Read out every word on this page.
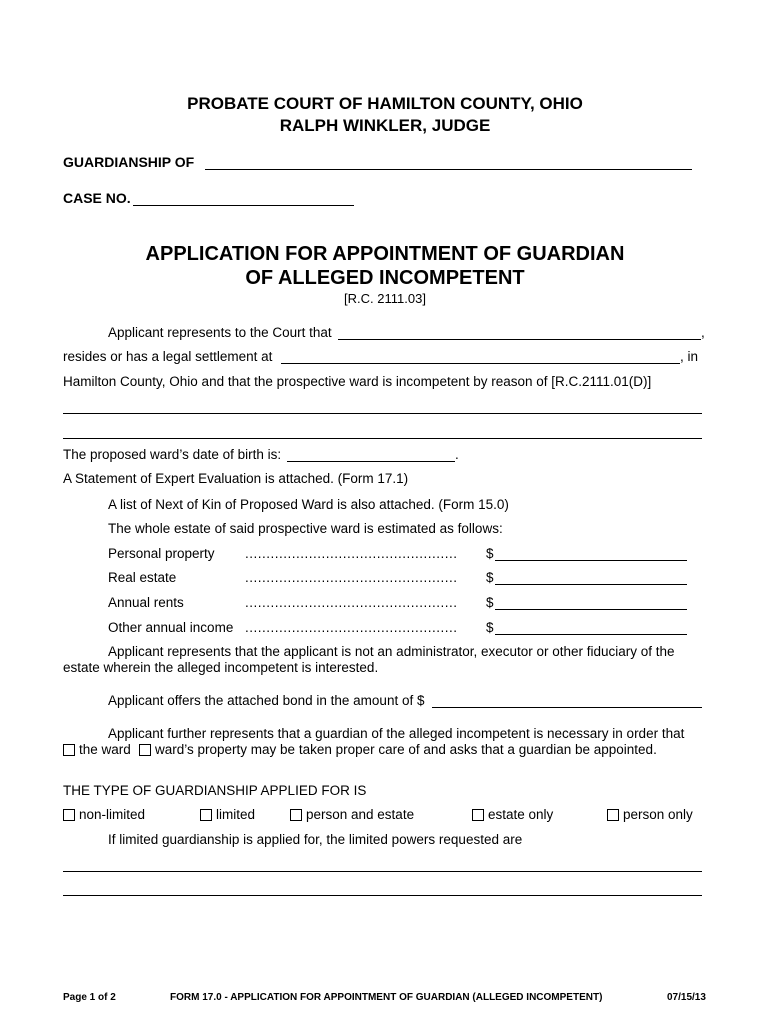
PROBATE COURT OF HAMILTON COUNTY, OHIO
RALPH WINKLER, JUDGE
GUARDIANSHIP OF
CASE NO.
APPLICATION FOR APPOINTMENT OF GUARDIAN
OF ALLEGED INCOMPETENT
[R.C. 2111.03]
Applicant represents to the Court that	,
resides or has a legal settlement at	, in
Hamilton County, Ohio and that the prospective ward is incompetent by reason of [R.C.2111.01(D)]
The proposed ward’s date of birth is:	.
A Statement of Expert Evaluation is attached. (Form 17.1)
A list of Next of Kin of Proposed Ward is also attached. (Form 15.0)
The whole estate of said prospective ward is estimated as follows:
Personal property ..................................................	$
Real estate	..................................................	$
Annual rents	..................................................	$
Other annual income ..................................................	$
Applicant represents that the applicant is not an administrator, executor or other fiduciary of the
estate wherein the alleged incompetent is interested.
Applicant offers the attached bond in the amount of $
Applicant further represents that a guardian of the alleged incompetent is necessary in order that
the ward	ward’s property may be taken proper care of and asks that a guardian be appointed.
THE TYPE OF GUARDIANSHIP APPLIED FOR IS
non-limited	limited	person and estate	estate only	person only
If limited guardianship is applied for, the limited powers requested are
Page 1 of 2	FORM 17.0 - APPLICATION FOR APPOINTMENT OF GUARDIAN (ALLEGED INCOMPETENT)	07/15/13
